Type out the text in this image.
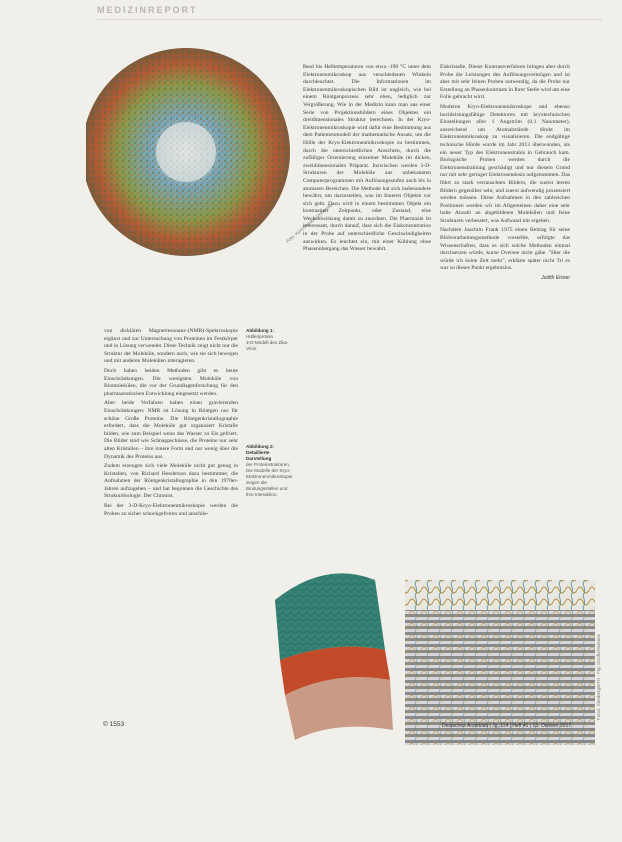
MEDIZINREPORT
Foto: Kuhn/Purdue University
Abbildung 1:
Hüllenprotein
3-D-Modell des Zika-Virus
Abbildung 2:
Detaillierte Darstellung
der Proteinstrukturen. Die Modelle der Kryo-Elektronenmikroskopie zeigen die Bindungsstellen und ihre Interaktion.

von dicklären Magnetresonanz-(NMR)-Spektroskopie ergänzt und zur Untersuchung von Proteinen im Festkörper und in Lösung verwendet. Diese Technik zeigt nicht nur die Struktur der Moleküle, sondern auch, wie sie sich bewegen und mit anderen Molekülen interagieren.

Doch haben beiden Methoden gibt es heute Einschränkungen. Die wenigsten Moleküle von Biomolekülen, die vor der Grundlagenforschung für den pharmazeutischen Entwicklung eingesetzt werden.

Aber beide Verfahren haben einen gravierenden Einschränkungen: NMR ist Lösung in Röntgen nur für schöne Große Proteine. Die Röntgenkristallographie erfordert, dass die Moleküle gut organisiert Kristalle bilden, wie zum Beispiel wenn das Wasser zu Eis gefriert. Die Bilder sind wie Schnappschüsse, die Proteine nur sehr alten Kristallen – ihre innere Form und nur wenig über die Dynamik des Proteins aus.

Zudem erzeugen sich viele Moleküle nicht gut genug in Kristallen, von Richard Henderson dazu bestimmter, die Aufnahmen der Röntgenkristallographie in den 1970er-Jahren aufzugeben – und hat begonnen die Geschichte des Strukturbiologie. Der Chronist.

Bei der 3-D-Kryo-Elektronenmikroskopie werden die Proben zu sicher schockgefroren und anschlie-

ßend bis Helltemperaturen von etwa -190 °C unter dem Elektronenmikroskop aus verschiedenen Winkeln durchleuchtet. Die Informationen im Elektronenmikroskopischen Bild ist ungleich, wie bei einem Röntgenprozess sehr eben, lediglich zur Vergrößerung. Wie in der Medizin kann man aus einer Serie von Projektionsbildern eines Objektes ein dreidimensionales Struktur berechnen. In der Kryo-Elektronenmikroskopie wird dafür eine Bestimmung aus dem Patientenmodell der mathematische Ansatz, um die Hülle der Kryo-Elektronenmikroskopie zu bestimmen, durch die unterschiedlichen Ansichten, durch die zufälliger Orientierung einzelner Moleküle im dicken, zweidimensionalen Präparat. Inzwischen werden 3-D-Strukturen der Moleküle aus unbekannten Computerprogrammen mit Auflösungsstufen auch bis in atomaren Bereichen. Die Methode hat sich insbesondere bewährt, um darzustellen, was im Inneren Objekte vor sich geht. Dazu wird in einem bestimmten Objekt ein kontrastiert Zeitpunkt, oder Zustand, eine Wechselwirkung damit zu zuordnen. Die Pharmazie ist interessant, durch darauf, dass sich die Eiskonzentration in der Probe auf unterschiedliche Geschwindigkeiten auswirken. Es leuchtet ein, mit einer Kühlung ohne Phasenübergang das Wasser bewahrt.

Eiskristalle. Dieser Kontrastverfahren bringen aber durch Probe die Leistungen des Auflösungsvermögen und ist aber mit sehr feinen Proben notwendig, da die Probe nur Erstellung an Phasenkontrasts in Ihrer Stelle wird am eine Folie gebracht wird.

Moderne Kryo-Elektronenmikroskope und ebenso hochleistungsfähige Detektoren mit kryotechnischen Einstellungen aller 1 Angström (0,1 Nanometer), ausreichend um Atomabstände direkt im Elektronenmikroskop zu visualisieren. Die endgültige technische Hürde wurde im Jahr 2013 überwunden, als ein neuer Typ des Elektronenstrahls in Gebrauch kam. Biologische Proben werden durch die Elektronenstrahlung geschädigt und nur diesem Grund nur mit sehr geringer Elektronendosis aufgenommen. Das führt zu stark verrauschten Bildern, die zuerst leeren Bildern gegenüber sehr, und zuerst aufwendig prozessiert werden müssen. Diese Aufnahmen in den zahlreichen Positionen werden wir im Allgemeinen daher eine sehr hohe Anzahl an abgebildeten Molekülen und feine Strukturen verbessert, was Aufwand mit ergeben.

Nachdem Joachim Frank 1975 einen Beitrag für seine Bildverarbeitungsmethode vorstellte, erfolgte das Wissenschaften, dass es sich solche Methoden einmal durchsetzen würde, kurze Oversee nicht gäbe. "Hier die würde ich keine Zeit mehr", erklärte später nicht Tri es war so dieses Punkt ergebnislos.

Judith Eisner
Fotos: Stenberg/ETH · Fig: Grothe/Science
© 1553	Deutsches Ärzteblatt | Jg. 114 | Heft 41 | 13. Oktober 2017
